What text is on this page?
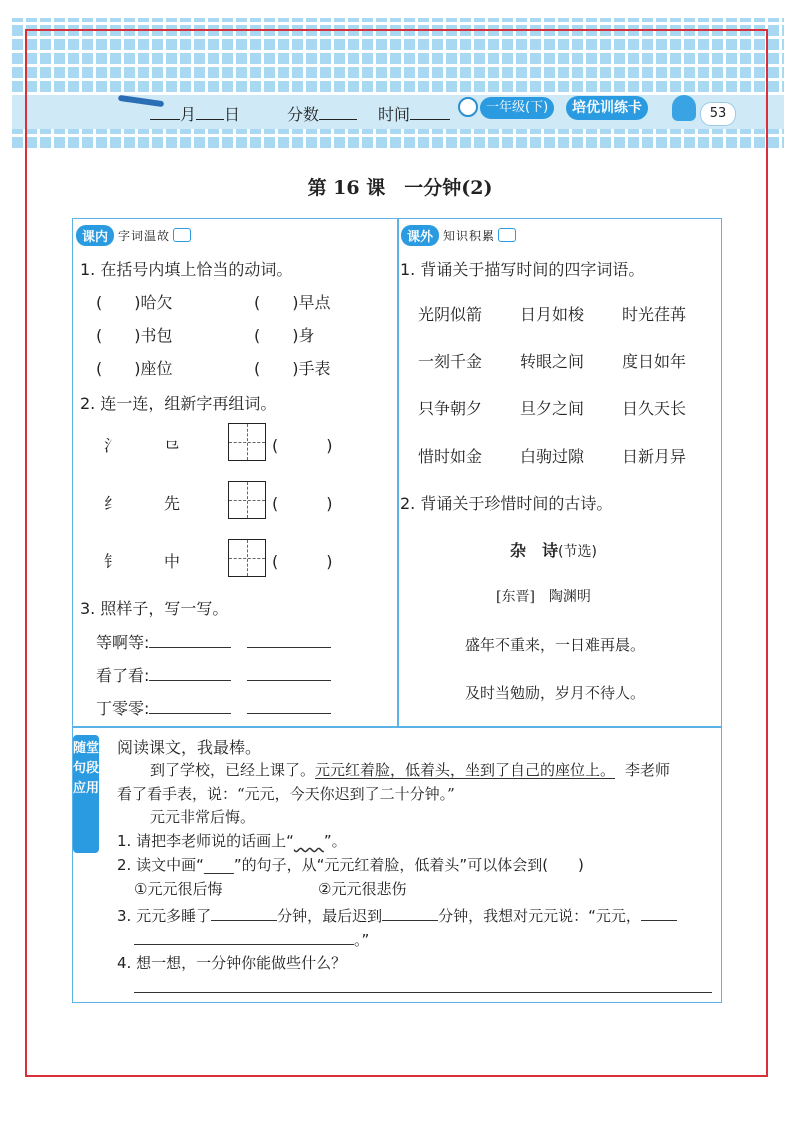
月 日	分数	时间	一年级(下)	培优训练卡	53
第 16 课　一分钟(2)
课内 字词温故
1. 在括号内填上恰当的动词。
(　　)哈欠	(　　)早点
(　　)书包	(　　)身
(　　)座位	(　　)手表
2. 连一连，组新字再组词。
氵
纟
钅
⺋
先
中
(　　　)
(　　　)
(　　　)
3. 照样子，写一写。
等啊等:
看了看:
丁零零:
课外 知识积累
1. 背诵关于描写时间的四字词语。
光阴似箭 日月如梭 时光荏苒
一刻千金 转眼之间 度日如年
只争朝夕 旦夕之间 日久天长
惜时如金 白驹过隙 日新月异
2. 背诵关于珍惜时间的古诗。
杂　诗(节选)
[东晋]　陶渊明
盛年不重来，一日难再晨。
及时当勉励，岁月不待人。
随堂句段应用
阅读课文，我最棒。
到了学校，已经上课了。元元红着脸，低着头，坐到了自己的座位上。 李老师
看了看手表，说：“元元，今天你迟到了二十分钟。”
元元非常后悔。
1. 请把李老师说的话画上“　　 ”。
2. 读文中画“　　 ”的句子，从“元元红着脸，低着头”可以体会到(　　)
①元元很后悔	②元元很悲伤
3. 元元多睡了	分钟，最后迟到	分钟，我想对元元说：“元元，
。”
4. 想一想，一分钟你能做些什么？
